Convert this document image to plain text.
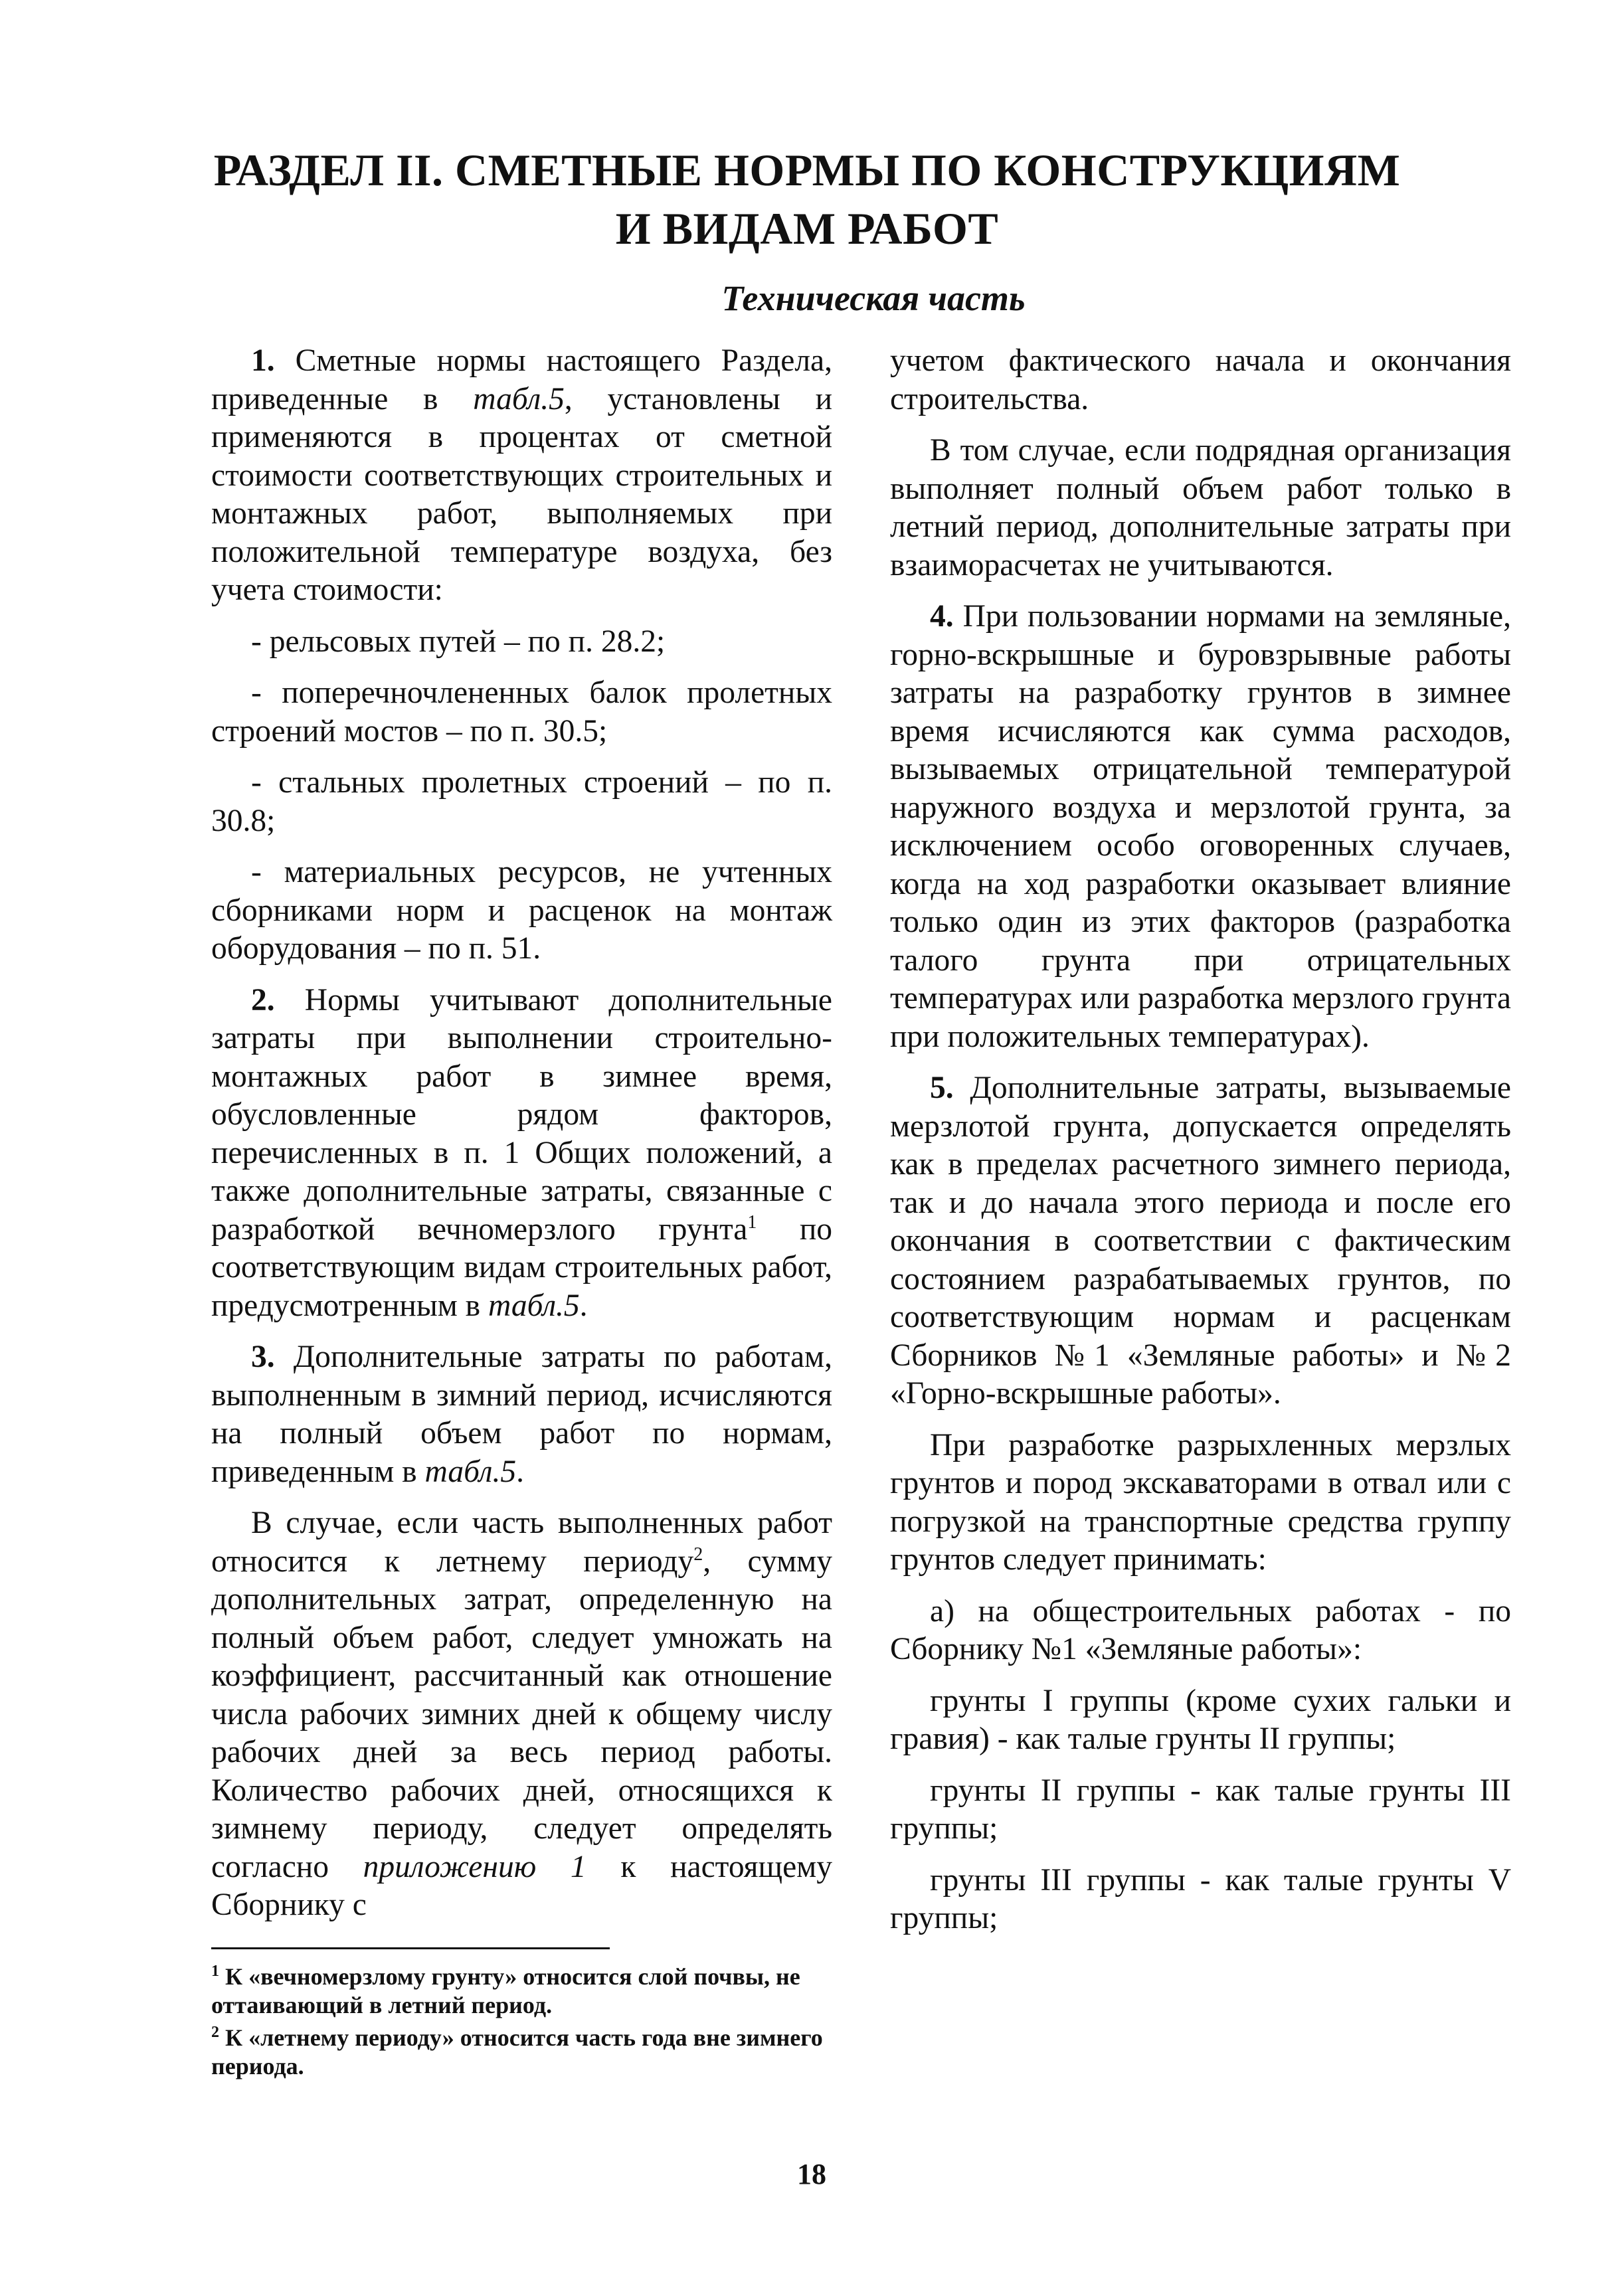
РАЗДЕЛ II. СМЕТНЫЕ НОРМЫ ПО КОНСТРУКЦИЯМ
И ВИДАМ РАБОТ
Техническая часть

1. Сметные нормы настоящего Раздела, приведенные в табл.5, установлены и применяются в процентах от сметной стоимости соответствующих строительных и монтажных работ, выполняемых при положительной температуре воздуха, без учета стоимости:

- рельсовых путей – по п. 28.2;

- поперечночлененных балок пролетных строений мостов – по п. 30.5;

- стальных пролетных строений – по п. 30.8;

- материальных ресурсов, не учтенных сборниками норм и расценок на монтаж оборудования – по п. 51.

2. Нормы учитывают дополнительные затраты при выполнении строительно-монтажных работ в зимнее время, обусловленные рядом факторов, перечисленных в п. 1 Общих положений, а также дополнительные затраты, связанные с разработкой вечномерзлого грунта$^1$ по соответствующим видам строительных работ, предусмотренным в табл.5.

3. Дополнительные затраты по работам, выполненным в зимний период, исчисляются на полный объем работ по нормам, приведенным в табл.5.

В случае, если часть выполненных работ относится к летнему периоду$^2$, сумму дополнительных затрат, определенную на полный объем работ, следует умножать на коэффициент, рассчитанный как отношение числа рабочих зимних дней к общему числу рабочих дней за весь период работы. Количество рабочих дней, относящихся к зимнему периоду, следует определять согласно приложению 1 к настоящему Сборнику с

учетом фактического начала и окончания строительства.

В том случае, если подрядная организация выполняет полный объем работ только в летний период, дополнительные затраты при взаиморасчетах не учитываются.

4. При пользовании нормами на земляные, горно-вскрышные и буровзрывные работы затраты на разработку грунтов в зимнее время исчисляются как сумма расходов, вызываемых отрицательной температурой наружного воздуха и мерзлотой грунта, за исключением особо оговоренных случаев, когда на ход разработки оказывает влияние только один из этих факторов (разработка талого грунта при отрицательных температурах или разработка мерзлого грунта при положительных температурах).

5. Дополнительные затраты, вызываемые мерзлотой грунта, допускается определять как в пределах расчетного зимнего периода, так и до начала этого периода и после его окончания в соответствии с фактическим состоянием разрабатываемых грунтов, по соответствующим нормам и расценкам Сборников №1 «Земляные работы» и №2 «Горно-вскрышные работы».

При разработке разрыхленных мерзлых грунтов и пород экскаваторами в отвал или с погрузкой на транспортные средства группу грунтов следует принимать:

а) на общестроительных работах - по Сборнику №1 «Земляные работы»:

грунты I группы (кроме сухих гальки и гравия) - как талые грунты II группы;

грунты II группы - как талые грунты III группы;

грунты III группы - как талые грунты V группы;

$^1$ К «вечномерзлому грунту» относится слой почвы, не оттаивающий в летний период.

$^2$ К «летнему периоду» относится часть года вне зимнего периода.

18
